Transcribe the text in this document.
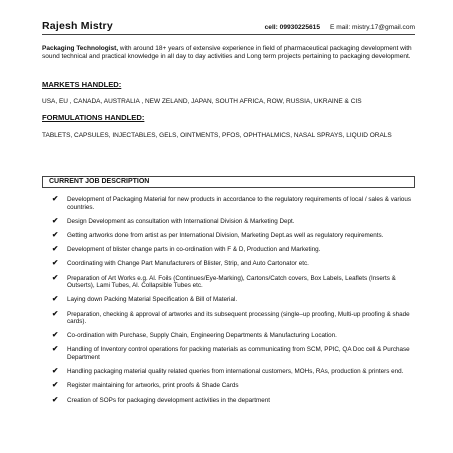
Rajesh Mistry	cell: 09930225615 E mail: mistry.17@gmail.com
Packaging Technologist, with around 18+ years of extensive experience in field of pharmaceutical packaging development with sound technical and practical knowledge in all day to day activities and Long term projects pertaining to packaging development.
MARKETS HANDLED:
USA, EU , CANADA, AUSTRALIA , NEW ZELAND, JAPAN, SOUTH AFRICA, ROW, RUSSIA, UKRAINE & CIS
FORMULATIONS HANDLED:
TABLETS, CAPSULES, INJECTABLES, GELS, OINTMENTS, PFOS, OPHTHALMICS, NASAL SPRAYS, LIQUID ORALS
CURRENT JOB DESCRIPTION
✔ Development of Packaging Material for new products in accordance to the regulatory requirements of local / sales & various countries.
✔ Design Development as consultation with International Division & Marketing Dept.
✔ Getting artworks done from artist as per International Division, Marketing Dept.as well as regulatory requirements.
✔ Development of blister change parts in co-ordination with F & D, Production and Marketing.
✔ Coordinating with Change Part Manufacturers of Blister, Strip, and Auto Cartonator etc.
✔ Preparation of Art Works e.g. Al. Foils (Continues/Eye-Marking), Cartons/Catch covers, Box Labels, Leaflets (Inserts & Outserts), Lami Tubes, Al. Collapsible Tubes etc.
✔ Laying down Packing Material Specification & Bill of Material.
✔ Preparation, checking & approval of artworks and its subsequent processing (single–up proofing, Multi-up proofing & shade cards).
✔ Co-ordination with Purchase, Supply Chain, Engineering Departments & Manufacturing Location.
✔ Handling of Inventory control operations for packing materials as communicating from SCM, PPIC, QA Doc cell & Purchase Department
✔ Handling packaging material quality related queries from international customers, MOHs, RAs, production & printers end.
✔ Register maintaining for artworks, print proofs & Shade Cards
✔ Creation of SOPs for packaging development activities in the department
